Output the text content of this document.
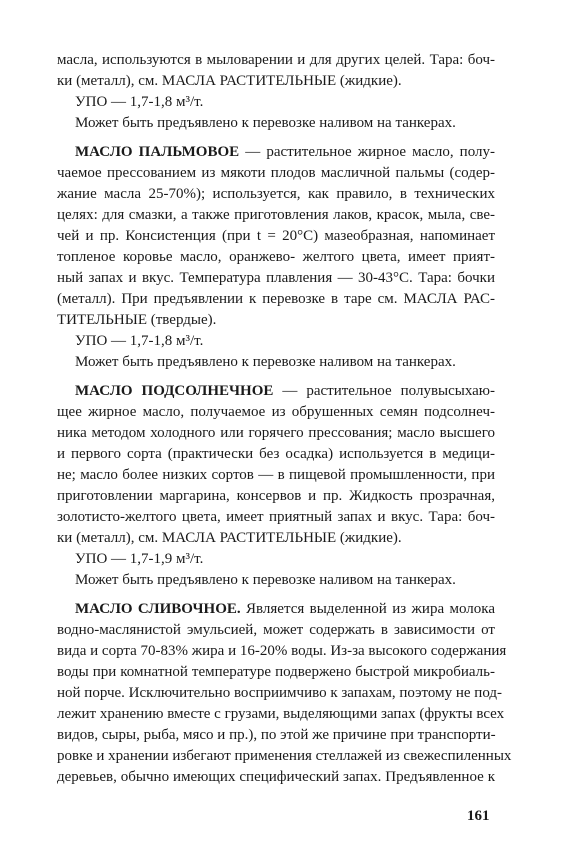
масла, используются в мыловарении и для других целей. Тара: боч-
ки (металл), см. МАСЛА РАСТИТЕЛЬНЫЕ (жидкие).
УПО — 1,7-1,8 м³/т.
Может быть предъявлено к перевозке наливом на танкерах.
МАСЛО ПАЛЬМОВОЕ — растительное жирное масло, полу-
чаемое прессованием из мякоти плодов масличной пальмы (содер-
жание масла 25-70%); используется, как правило, в технических
целях: для смазки, а также приготовления лаков, красок, мыла, све-
чей и пр. Консистенция (при t = 20°C) мазеобразная, напоминает
топленое коровье масло, оранжево- желтого цвета, имеет прият-
ный запах и вкус. Температура плавления — 30-43°C. Тара: бочки
(металл). При предъявлении к перевозке в таре см. МАСЛА РАС-
ТИТЕЛЬНЫЕ (твердые).
УПО — 1,7-1,8 м³/т.
Может быть предъявлено к перевозке наливом на танкерах.
МАСЛО ПОДСОЛНЕЧНОЕ — растительное полувысыхаю-
щее жирное масло, получаемое из обрушенных семян подсолнеч-
ника методом холодного или горячего прессования; масло высшего
и первого сорта (практически без осадка) используется в медици-
не; масло более низких сортов — в пищевой промышленности, при
приготовлении маргарина, консервов и пр. Жидкость прозрачная,
золотисто-желтого цвета, имеет приятный запах и вкус. Тара: боч-
ки (металл), см. МАСЛА РАСТИТЕЛЬНЫЕ (жидкие).
УПО — 1,7-1,9 м³/т.
Может быть предъявлено к перевозке наливом на танкерах.
МАСЛО СЛИВОЧНОЕ. Является выделенной из жира молока
водно-маслянистой эмульсией, может содержать в зависимости от
вида и сорта 70-83% жира и 16-20% воды. Из-за высокого содержания
воды при комнатной температуре подвержено быстрой микробиаль-
ной порче. Исключительно восприимчиво к запахам, поэтому не под-
лежит хранению вместе с грузами, выделяющими запах (фрукты всех
видов, сыры, рыба, мясо и пр.), по этой же причине при транспорти-
ровке и хранении избегают применения стеллажей из свежеспиленных
деревьев, обычно имеющих специфический запах. Предъявленное к
161
